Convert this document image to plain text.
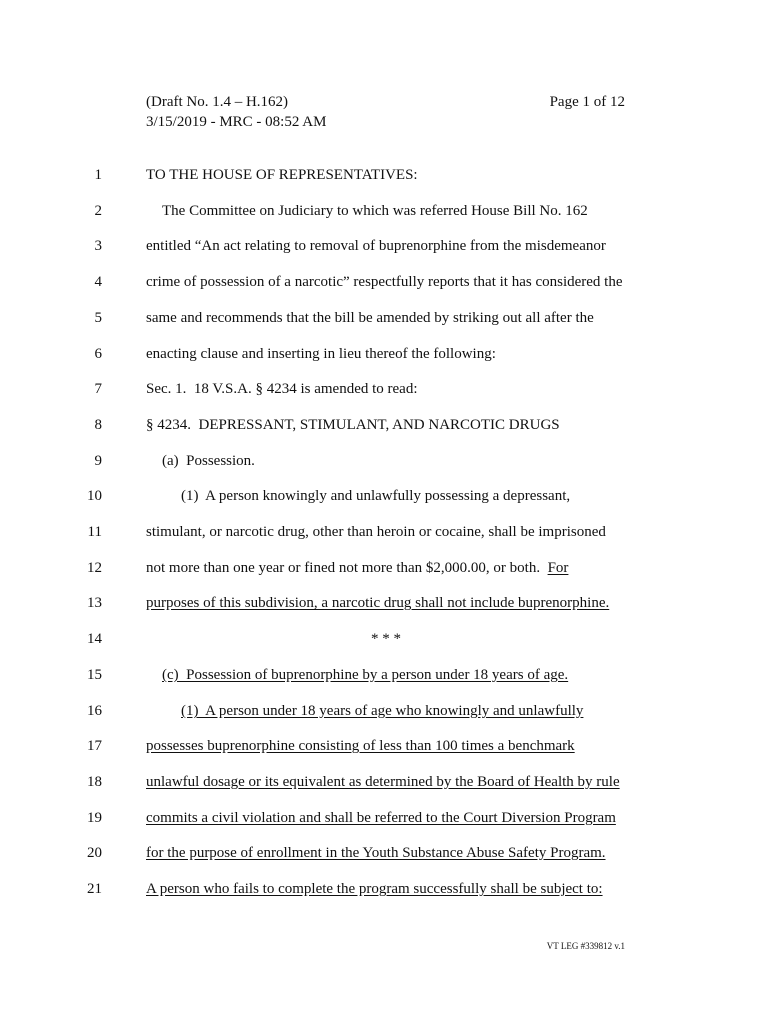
(Draft No. 1.4 – H.162)
3/15/2019 - MRC - 08:52 AM
Page 1 of 12
1	TO THE HOUSE OF REPRESENTATIVES:
2	The Committee on Judiciary to which was referred House Bill No. 162
3	entitled “An act relating to removal of buprenorphine from the misdemeanor
4	crime of possession of a narcotic” respectfully reports that it has considered the
5	same and recommends that the bill be amended by striking out all after the
6	enacting clause and inserting in lieu thereof the following:
7	Sec. 1.  18 V.S.A. § 4234 is amended to read:
8	§ 4234.  DEPRESSANT, STIMULANT, AND NARCOTIC DRUGS
9	(a)  Possession.
10	(1)  A person knowingly and unlawfully possessing a depressant,
11	stimulant, or narcotic drug, other than heroin or cocaine, shall be imprisoned
12	not more than one year or fined not more than $2,000.00, or both.  For
13	purposes of this subdivision, a narcotic drug shall not include buprenorphine.
14	* * *
15	(c)  Possession of buprenorphine by a person under 18 years of age.
16	(1)  A person under 18 years of age who knowingly and unlawfully
17	possesses buprenorphine consisting of less than 100 times a benchmark
18	unlawful dosage or its equivalent as determined by the Board of Health by rule
19	commits a civil violation and shall be referred to the Court Diversion Program
20	for the purpose of enrollment in the Youth Substance Abuse Safety Program.
21	A person who fails to complete the program successfully shall be subject to:
VT LEG #339812 v.1
